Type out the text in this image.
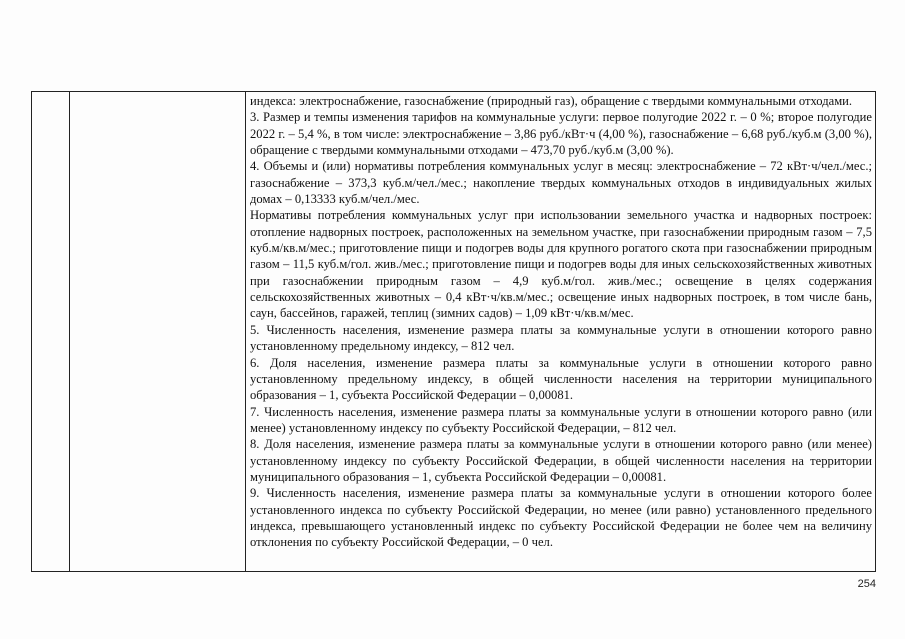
индекса: электроснабжение, газоснабжение (природный газ), обращение с твердыми коммунальными отходами.

3. Размер и темпы изменения тарифов на коммунальные услуги: первое полугодие 2022 г. – 0 %; второе полугодие 2022 г. – 5,4 %, в том числе: электроснабжение – 3,86 руб./кВт·ч (4,00 %), газоснабжение – 6,68 руб./куб.м (3,00 %), обращение с твердыми коммунальными отходами – 473,70 руб./куб.м (3,00 %).

4. Объемы и (или) нормативы потребления коммунальных услуг в месяц: электроснабжение – 72 кВт·ч/чел./мес.; газоснабжение – 373,3 куб.м/чел./мес.; накопление твердых коммунальных отходов в индивидуальных жилых домах – 0,13333 куб.м/чел./мес.

Нормативы потребления коммунальных услуг при использовании земельного участка и надворных построек: отопление надворных построек, расположенных на земельном участке, при газоснабжении природным газом – 7,5 куб.м/кв.м/мес.; приготовление пищи и подогрев воды для крупного рогатого скота при газоснабжении природным газом – 11,5 куб.м/гол. жив./мес.; приготовление пищи и подогрев воды для иных сельскохозяйственных животных при газоснабжении природным газом – 4,9 куб.м/гол. жив./мес.; освещение в целях содержания сельскохозяйственных животных – 0,4 кВт·ч/кв.м/мес.; освещение иных надворных построек, в том числе бань, саун, бассейнов, гаражей, теплиц (зимних садов) – 1,09 кВт·ч/кв.м/мес.

5. Численность населения, изменение размера платы за коммунальные услуги в отношении которого равно установленному предельному индексу, – 812 чел.

6. Доля населения, изменение размера платы за коммунальные услуги в отношении которого равно установленному предельному индексу, в общей численности населения на территории муниципального образования – 1, субъекта Российской Федерации – 0,00081.

7. Численность населения, изменение размера платы за коммунальные услуги в отношении которого равно (или менее) установленному индексу по субъекту Российской Федерации, – 812 чел.

8. Доля населения, изменение размера платы за коммунальные услуги в отношении которого равно (или менее) установленному индексу по субъекту Российской Федерации, в общей численности населения на территории муниципального образования – 1, субъекта Российской Федерации – 0,00081.

9. Численность населения, изменение размера платы за коммунальные услуги в отношении которого более установленного индекса по субъекту Российской Федерации, но менее (или равно) установленного предельного индекса, превышающего установленный индекс по субъекту Российской Федерации не более чем на величину отклонения по субъекту Российской Федерации, – 0 чел.

254
